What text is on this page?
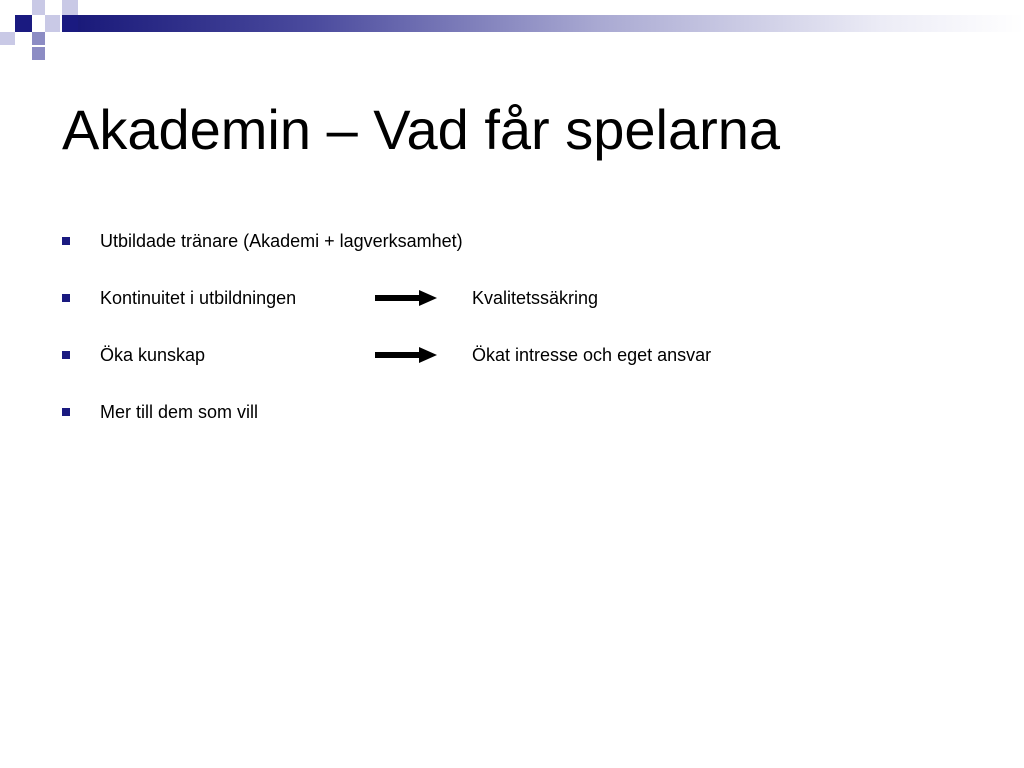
Akademin – Vad får spelarna
Utbildade tränare (Akademi + lagverksamhet)
Kontinuitet i utbildningen	Kvalitetssäkring
Öka kunskap	Ökat intresse och eget ansvar
Mer till dem som vill
